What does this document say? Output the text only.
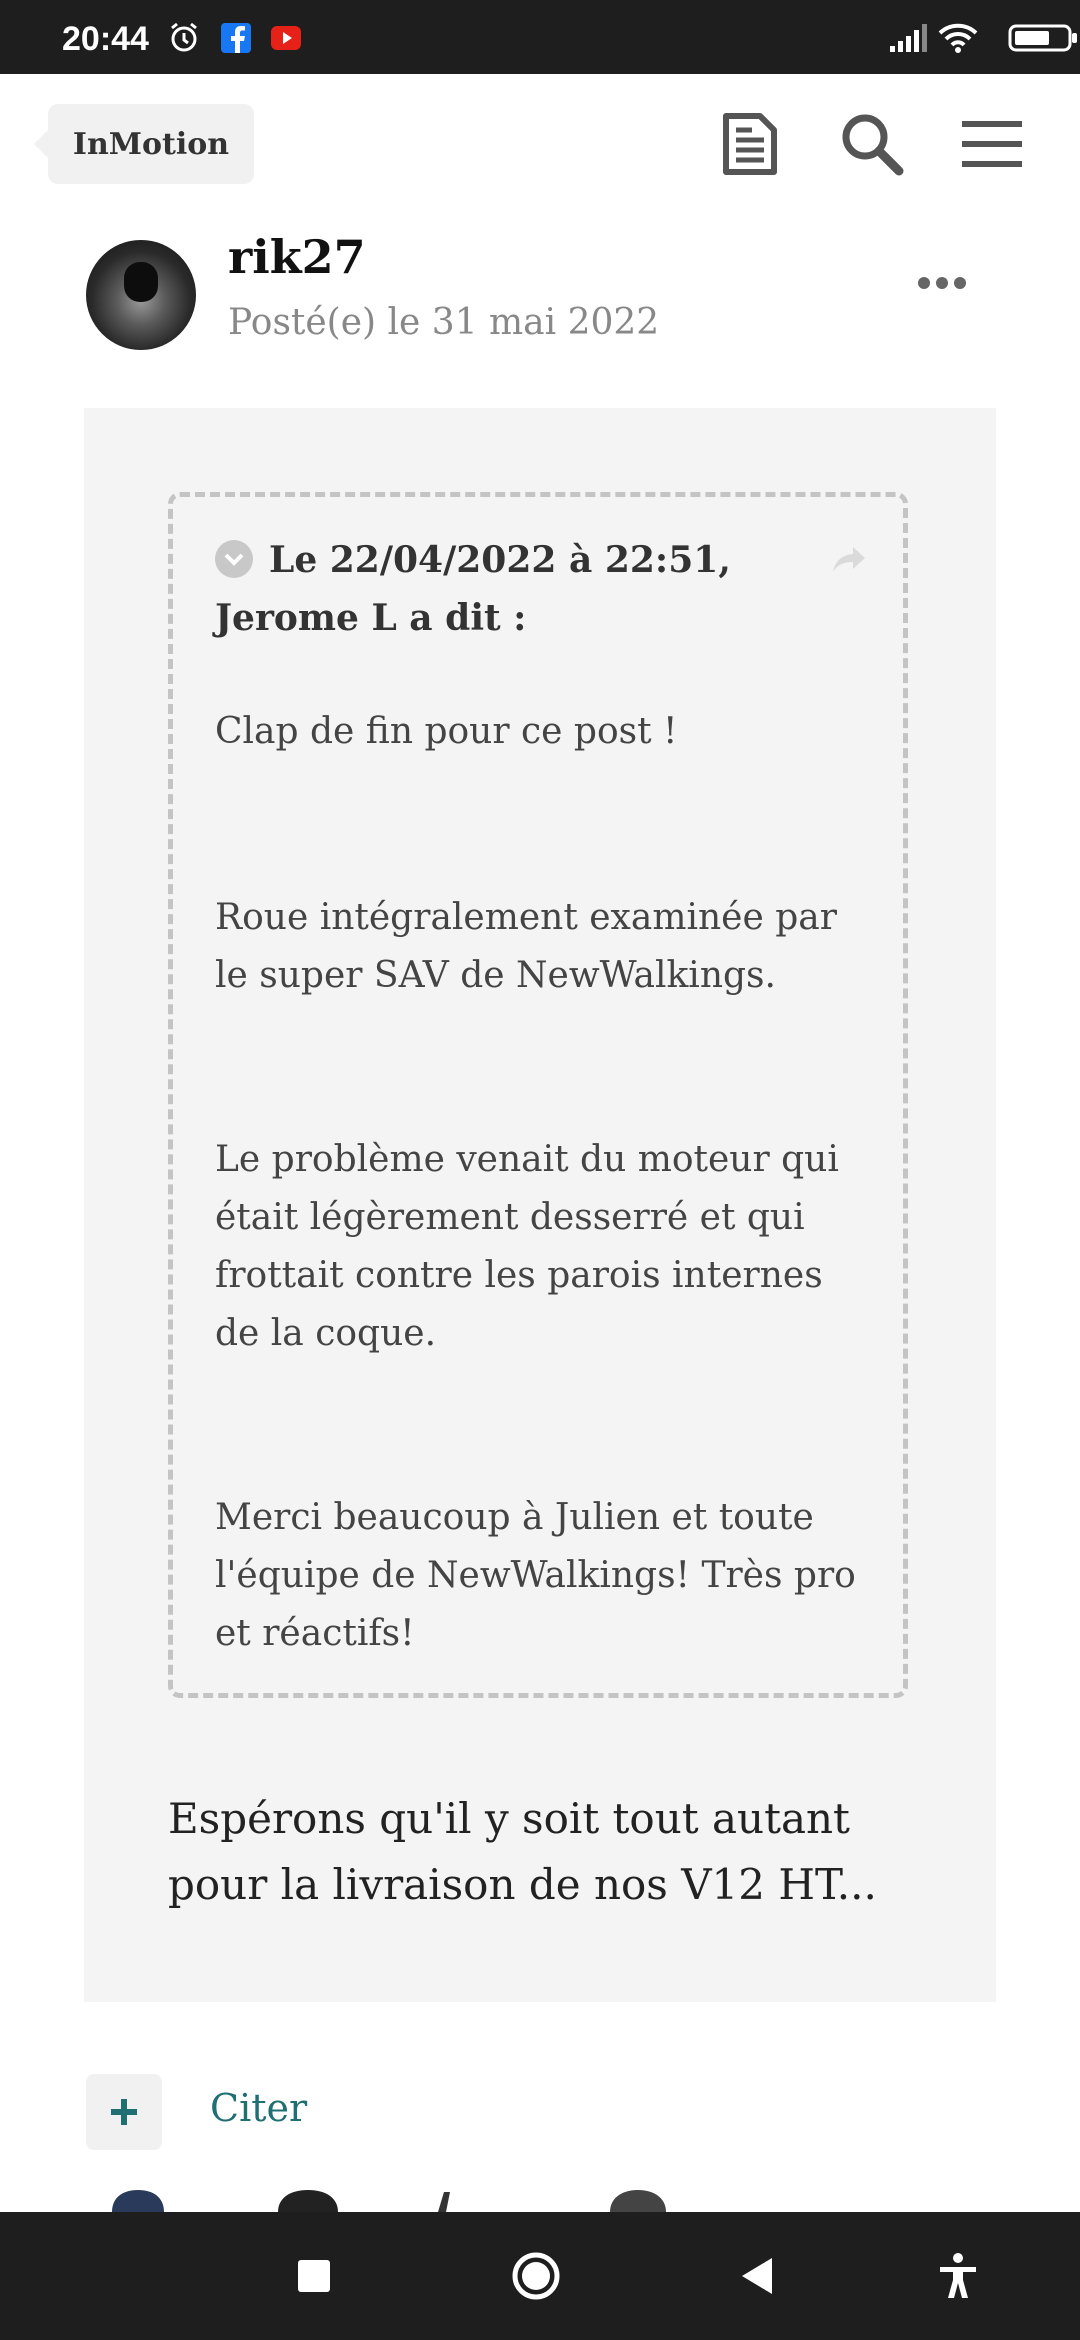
20:44
InMotion
rik27
Posté(e) le 31 mai 2022
Le 22/04/2022 à 22:51, Jerome L a dit :

Clap de fin pour ce post !

Roue intégralement examinée par le super SAV de NewWalkings.

Le problème venait du moteur qui était légèrement desserré et qui frottait contre les parois internes de la coque.

Merci beaucoup à Julien et toute l'équipe de NewWalkings! Très pro et réactifs!

Espérons qu'il y soit tout autant pour la livraison de nos V12 HT...
Citer
